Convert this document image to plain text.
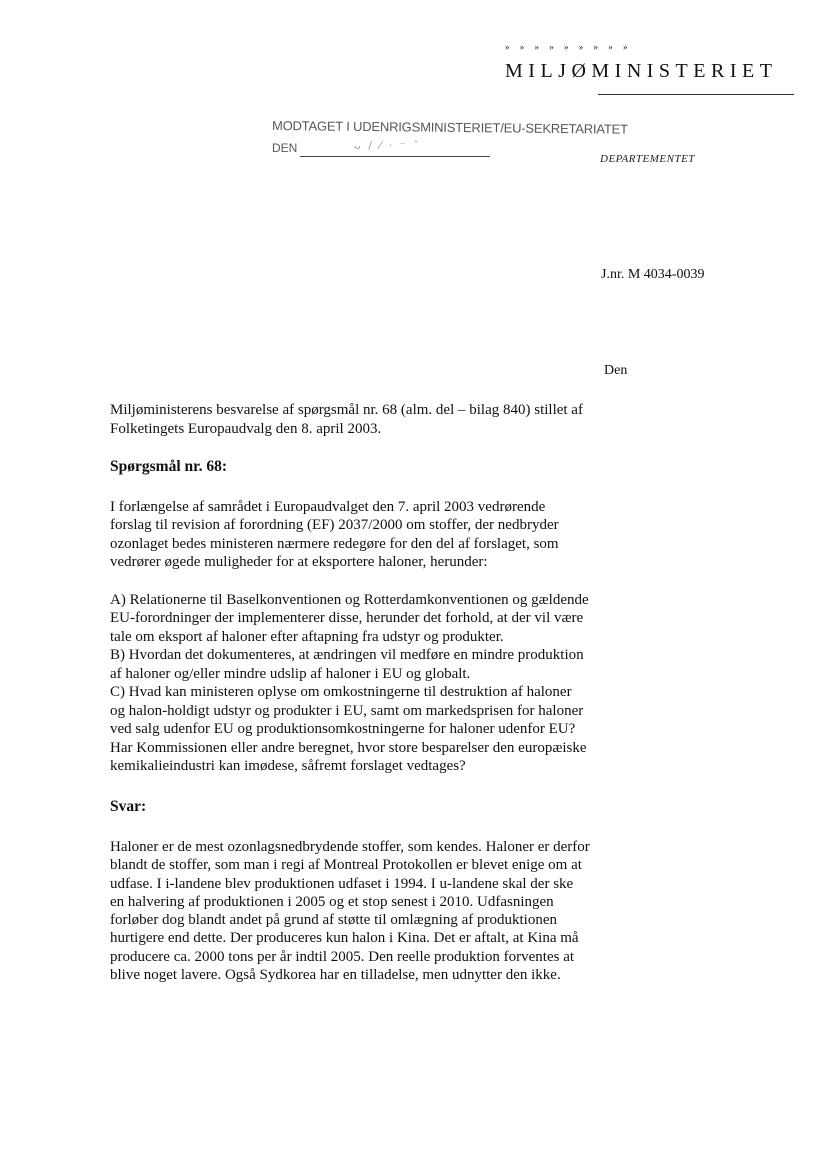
» » » » » » » » »
MILJØMINISTERIET
DEPARTEMENTET
MODTAGET I UDENRIGSMINISTERIET/EU-SEKRETARIATET
DEN	ᴗ / ⁄ · ⁻ ˆ
J.nr. M 4034-0039
Den

Miljøministerens besvarelse af spørgsmål nr. 68 (alm. del – bilag 840) stillet af Folketingets Europaudvalg den 8. april 2003.

Spørgsmål nr. 68:

I forlængelse af samrådet i Europaudvalget den 7. april 2003 vedrørende forslag til revision af forordning (EF) 2037/2000 om stoffer, der nedbryder ozonlaget bedes ministeren nærmere redegøre for den del af forslaget, som vedrører øgede muligheder for at eksportere haloner, herunder:

A) Relationerne til Baselkonventionen og Rotterdamkonventionen og gældende EU-forordninger der implementerer disse, herunder det forhold, at der vil være tale om eksport af haloner efter aftapning fra udstyr og produkter.

B) Hvordan det dokumenteres, at ændringen vil medføre en mindre produktion af haloner og/eller mindre udslip af haloner i EU og globalt.

C) Hvad kan ministeren oplyse om omkostningerne til destruktion af haloner og halon-holdigt udstyr og produkter i EU, samt om markedsprisen for haloner ved salg udenfor EU og produktionsomkostningerne for haloner udenfor EU? Har Kommissionen eller andre beregnet, hvor store besparelser den europæiske kemikalieindustri kan imødese, såfremt forslaget vedtages?

Svar:

Haloner er de mest ozonlagsnedbrydende stoffer, som kendes. Haloner er derfor blandt de stoffer, som man i regi af Montreal Protokollen er blevet enige om at udfase. I i-landene blev produktionen udfaset i 1994. I u-landene skal der ske en halvering af produktionen i 2005 og et stop senest i 2010. Udfasningen forløber dog blandt andet på grund af støtte til omlægning af produktionen hurtigere end dette. Der produceres kun halon i Kina. Det er aftalt, at Kina må producere ca. 2000 tons per år indtil 2005. Den reelle produktion forventes at blive noget lavere. Også Sydkorea har en tilladelse, men udnytter den ikke.
